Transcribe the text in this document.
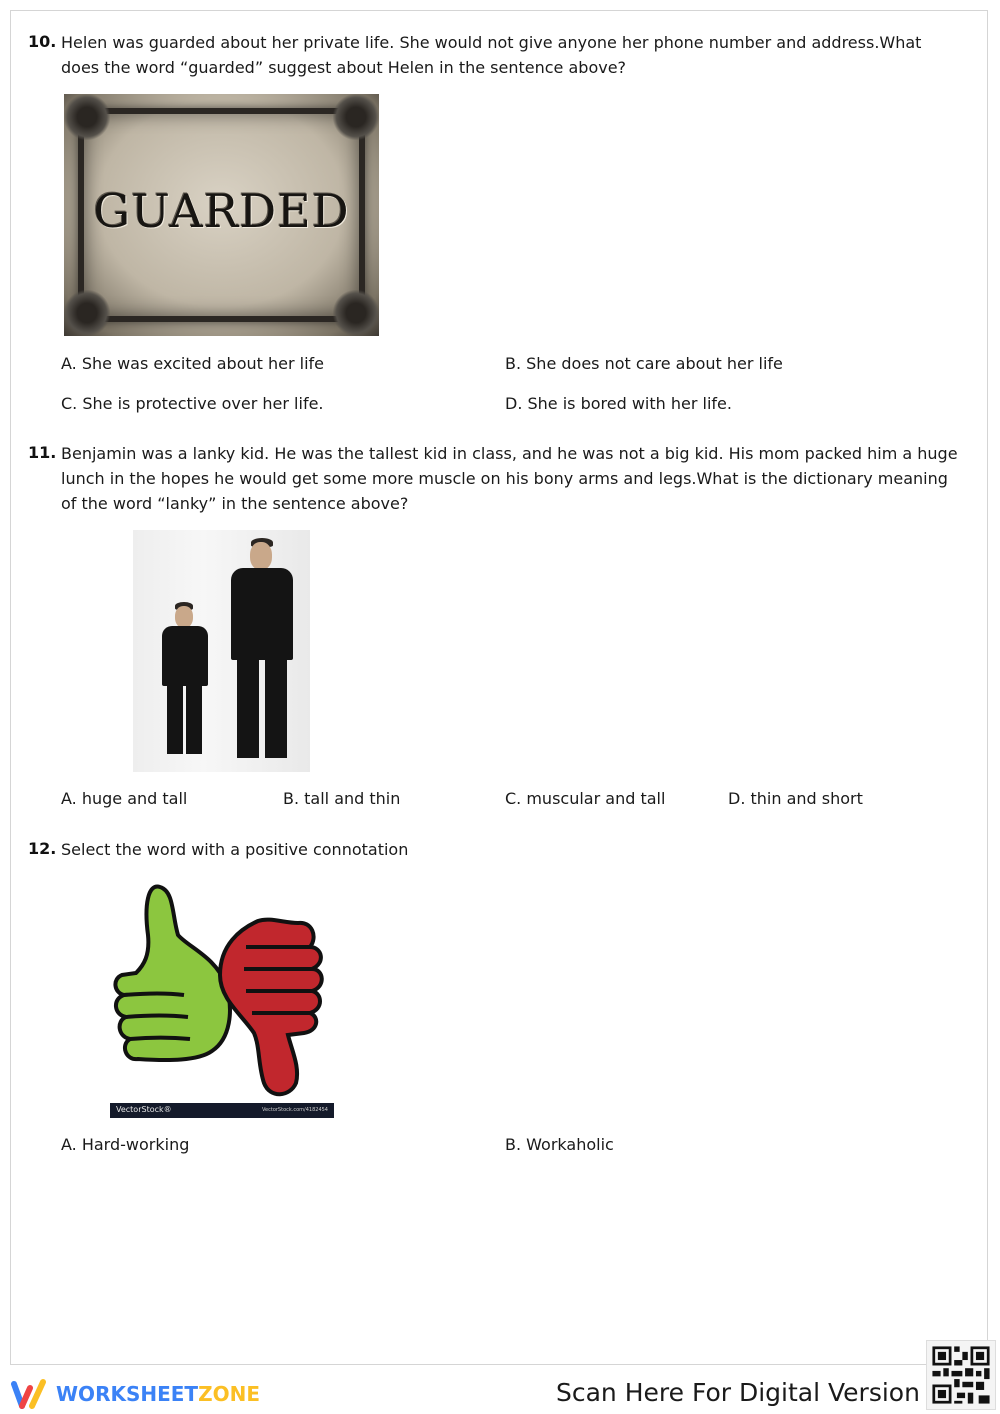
10. Helen was guarded about her private life. She would not give anyone her phone number and address.What does the word “guarded” suggest about Helen in the sentence above?
GUARDED
A. She was excited about her life	B. She does not care about her life
C. She is protective over her life.	D. She is bored with her life.
11. Benjamin was a lanky kid. He was the tallest kid in class, and he was not a big kid. His mom packed him a huge lunch in the hopes he would get some more muscle on his bony arms and legs.What is the dictionary meaning of the word “lanky” in the sentence above?
A. huge and tall	B. tall and thin	C. muscular and tall	D. thin and short
12. Select the word with a positive connotation
VectorStock®	VectorStock.com/4182454
A. Hard-working	B. Workaholic
WORKSHEETZONE	Scan Here For Digital Version
